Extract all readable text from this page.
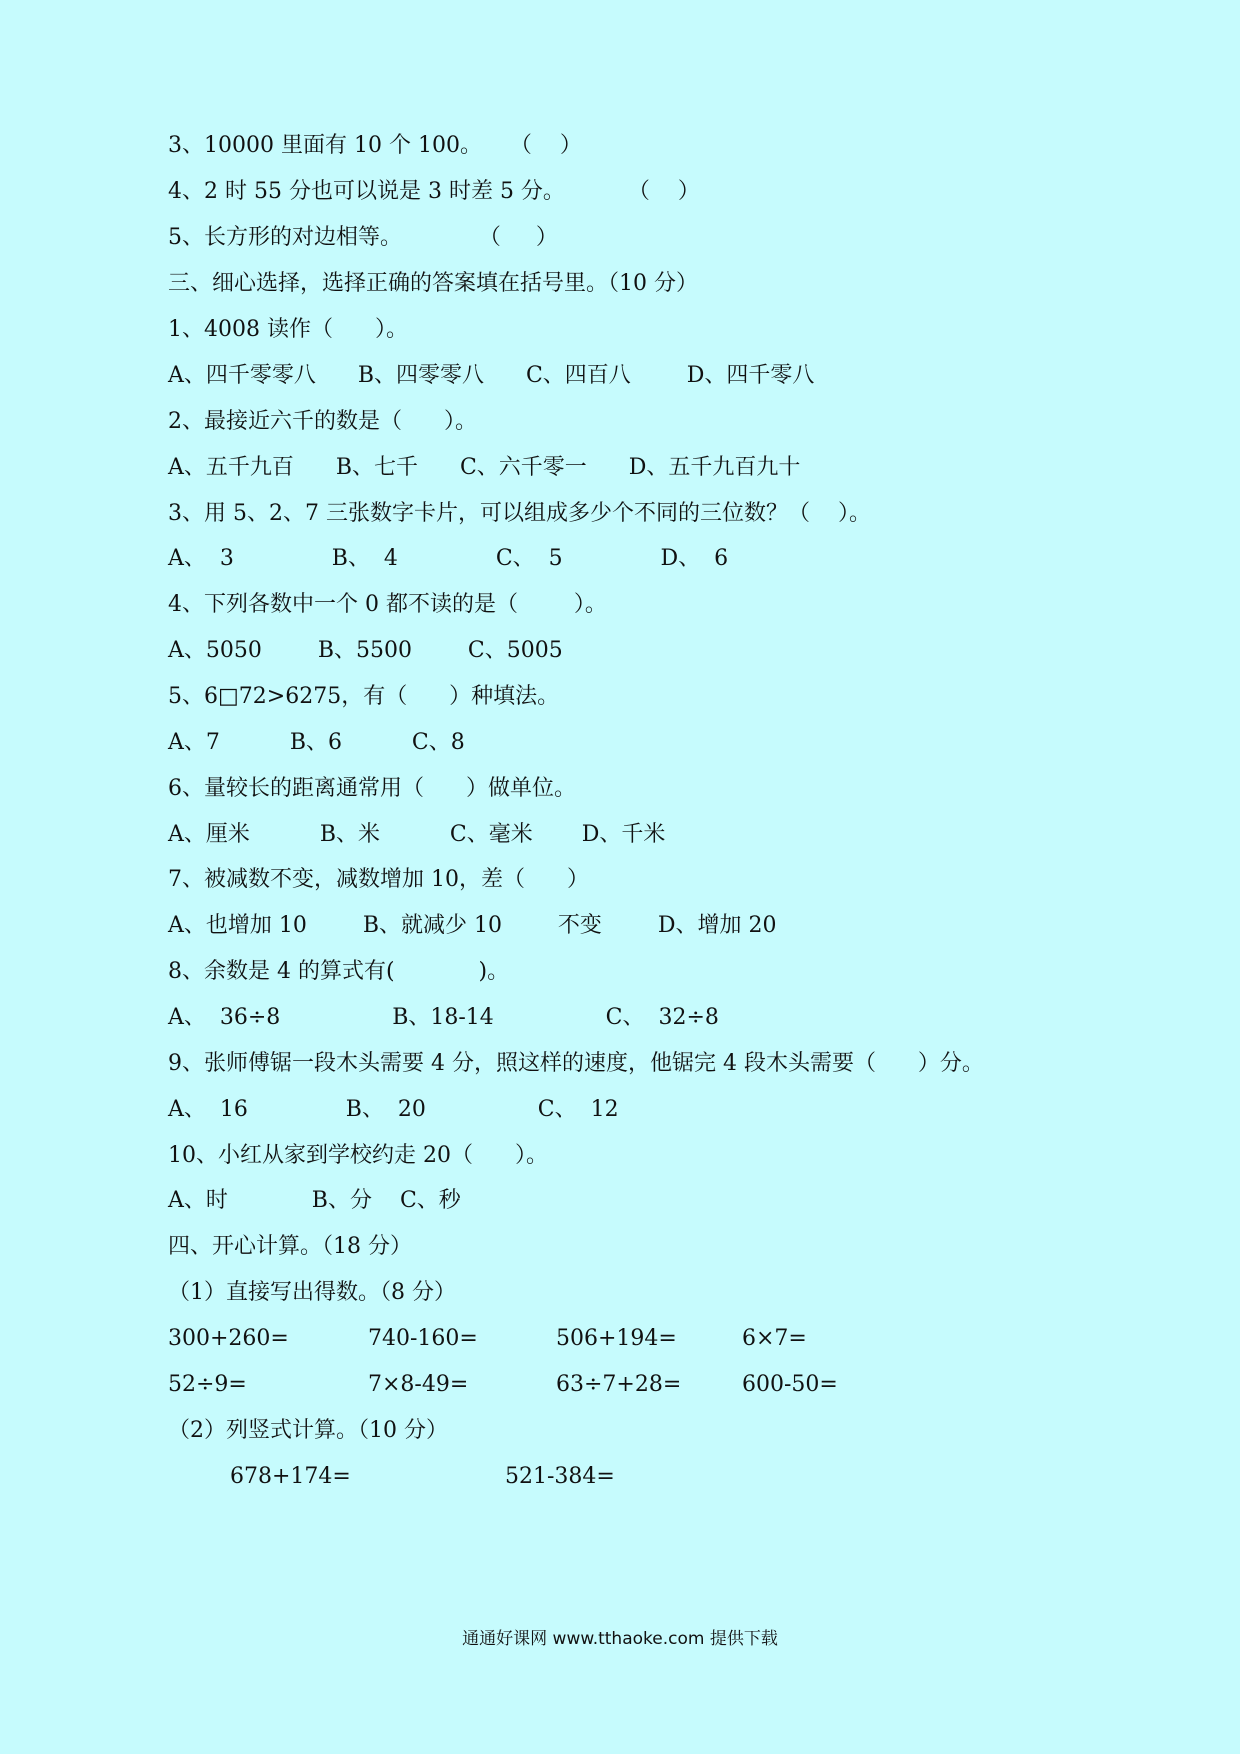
3、10000 里面有 10 个 100。    （    ）
4、2 时 55 分也可以说是 3 时差 5 分。         （    ）
5、长方形的对边相等。           （     ）
三、细心选择，选择正确的答案填在括号里。（10 分）
1、4008 读作（      ）。
A、四千零零八      B、四零零八      C、四百八        D、四千零八
2、最接近六千的数是（      ）。
A、五千九百      B、七千      C、六千零一      D、五千九百九十
3、用 5、2、7 三张数字卡片，可以组成多少个不同的三位数？（    ）。
A、  3              B、  4              C、  5              D、  6
4、下列各数中一个 0 都不读的是（        ）。
A、5050        B、5500        C、5005
5、6□72>6275，有（      ）种填法。
A、7          B、6          C、8
6、量较长的距离通常用（      ）做单位。
A、厘米          B、米          C、毫米       D、千米
7、被减数不变，减数增加 10，差（      ）
A、也增加 10        B、就减少 10        不变        D、增加 20
8、余数是 4 的算式有(            )。
A、  36÷8                B、18-14                C、  32÷8
9、张师傅锯一段木头需要 4 分，照这样的速度，他锯完 4 段木头需要（      ）分。
A、  16              B、  20                C、  12
10、小红从家到学校约走 20（      ）。
A、时            B、分    C、秒
四、开心计算。（18 分）
（1）直接写出得数。（8 分）
300+260=	740-160=	506+194=	6×7=
52÷9=	7×8-49=	63÷7+28=	600-50=
（2）列竖式计算。（10 分）
678+174=	521-384=
通通好课网 www.tthaoke.com 提供下载
